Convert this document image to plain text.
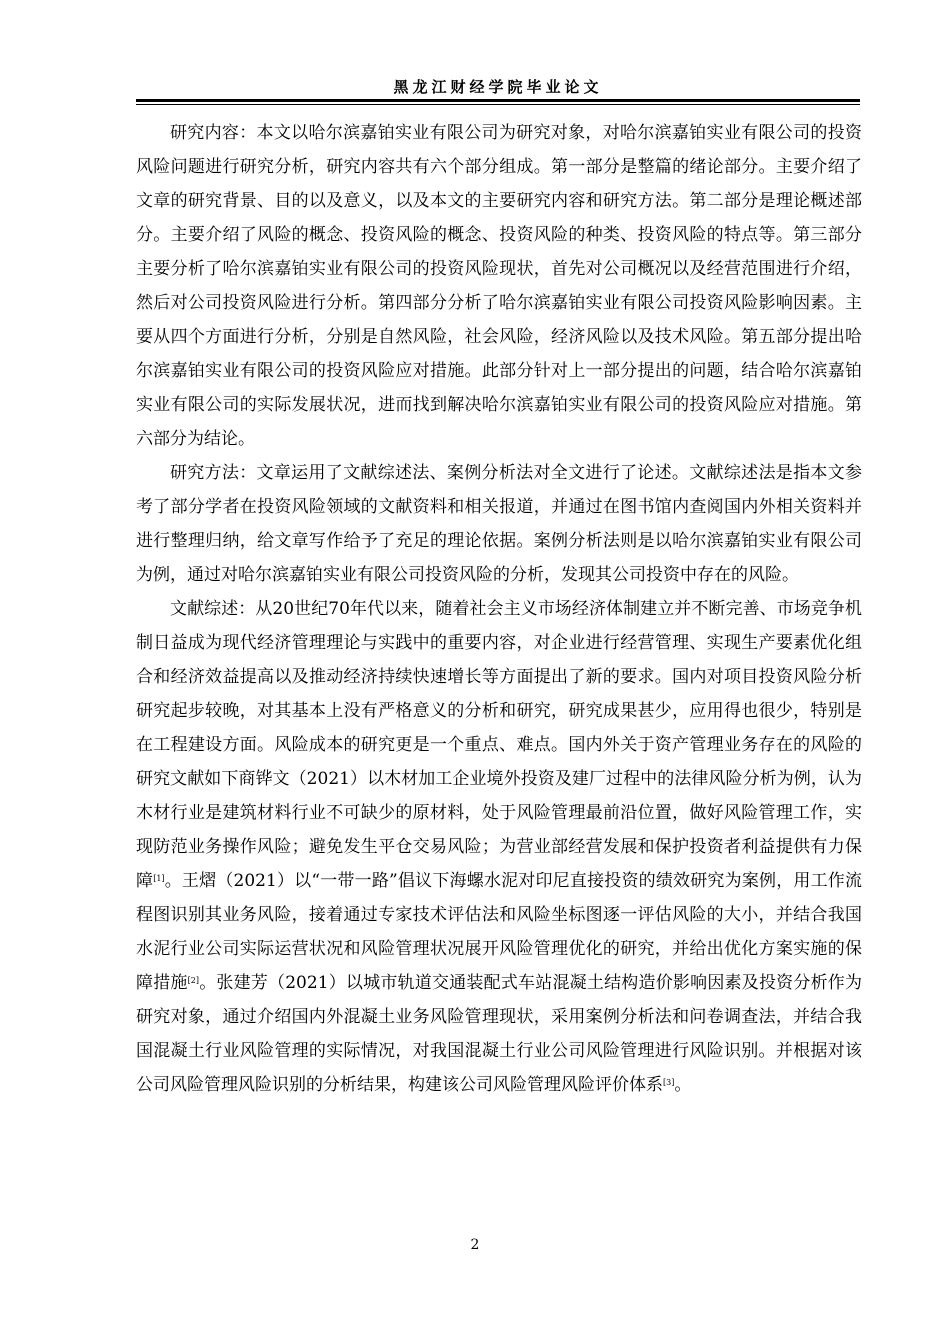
黑龙江财经学院毕业论文

研究内容：本文以哈尔滨嘉铂实业有限公司为研究对象，对哈尔滨嘉铂实业有限公司的投资风险问题进行研究分析，研究内容共有六个部分组成。第一部分是整篇的绪论部分。主要介绍了文章的研究背景、目的以及意义，以及本文的主要研究内容和研究方法。第二部分是理论概述部分。主要介绍了风险的概念、投资风险的概念、投资风险的种类、投资风险的特点等。第三部分主要分析了哈尔滨嘉铂实业有限公司的投资风险现状，首先对公司概况以及经营范围进行介绍，然后对公司投资风险进行分析。第四部分分析了哈尔滨嘉铂实业有限公司投资风险影响因素。主要从四个方面进行分析，分别是自然风险，社会风险，经济风险以及技术风险。第五部分提出哈尔滨嘉铂实业有限公司的投资风险应对措施。此部分针对上一部分提出的问题，结合哈尔滨嘉铂实业有限公司的实际发展状况，进而找到解决哈尔滨嘉铂实业有限公司的投资风险应对措施。第六部分为结论。

研究方法：文章运用了文献综述法、案例分析法对全文进行了论述。文献综述法是指本文参考了部分学者在投资风险领域的文献资料和相关报道，并通过在图书馆内查阅国内外相关资料并进行整理归纳，给文章写作给予了充足的理论依据。案例分析法则是以哈尔滨嘉铂实业有限公司为例，通过对哈尔滨嘉铂实业有限公司投资风险的分析，发现其公司投资中存在的风险。

文献综述：从20世纪70年代以来，随着社会主义市场经济体制建立并不断完善、市场竞争机制日益成为现代经济管理理论与实践中的重要内容，对企业进行经营管理、实现生产要素优化组合和经济效益提高以及推动经济持续快速增长等方面提出了新的要求。国内对项目投资风险分析研究起步较晚，对其基本上没有严格意义的分析和研究，研究成果甚少，应用得也很少，特别是在工程建设方面。风险成本的研究更是一个重点、难点。国内外关于资产管理业务存在的风险的研究文献如下商铧文（2021）以木材加工企业境外投资及建厂过程中的法律风险分析为例，认为木材行业是建筑材料行业不可缺少的原材料，处于风险管理最前沿位置，做好风险管理工作，实现防范业务操作风险；避免发生平仓交易风险；为营业部经营发展和保护投资者利益提供有力保障[1]。王熠（2021）以“一带一路”倡议下海螺水泥对印尼直接投资的绩效研究为案例，用工作流程图识别其业务风险，接着通过专家技术评估法和风险坐标图逐一评估风险的大小，并结合我国水泥行业公司实际运营状况和风险管理状况展开风险管理优化的研究，并给出优化方案实施的保障措施[2]。张建芳（2021）以城市轨道交通装配式车站混凝土结构造价影响因素及投资分析作为研究对象，通过介绍国内外混凝土业务风险管理现状，采用案例分析法和问卷调查法，并结合我国混凝土行业风险管理的实际情况，对我国混凝土行业公司风险管理进行风险识别。并根据对该公司风险管理风险识别的分析结果，构建该公司风险管理风险评价体系[3]。

2
